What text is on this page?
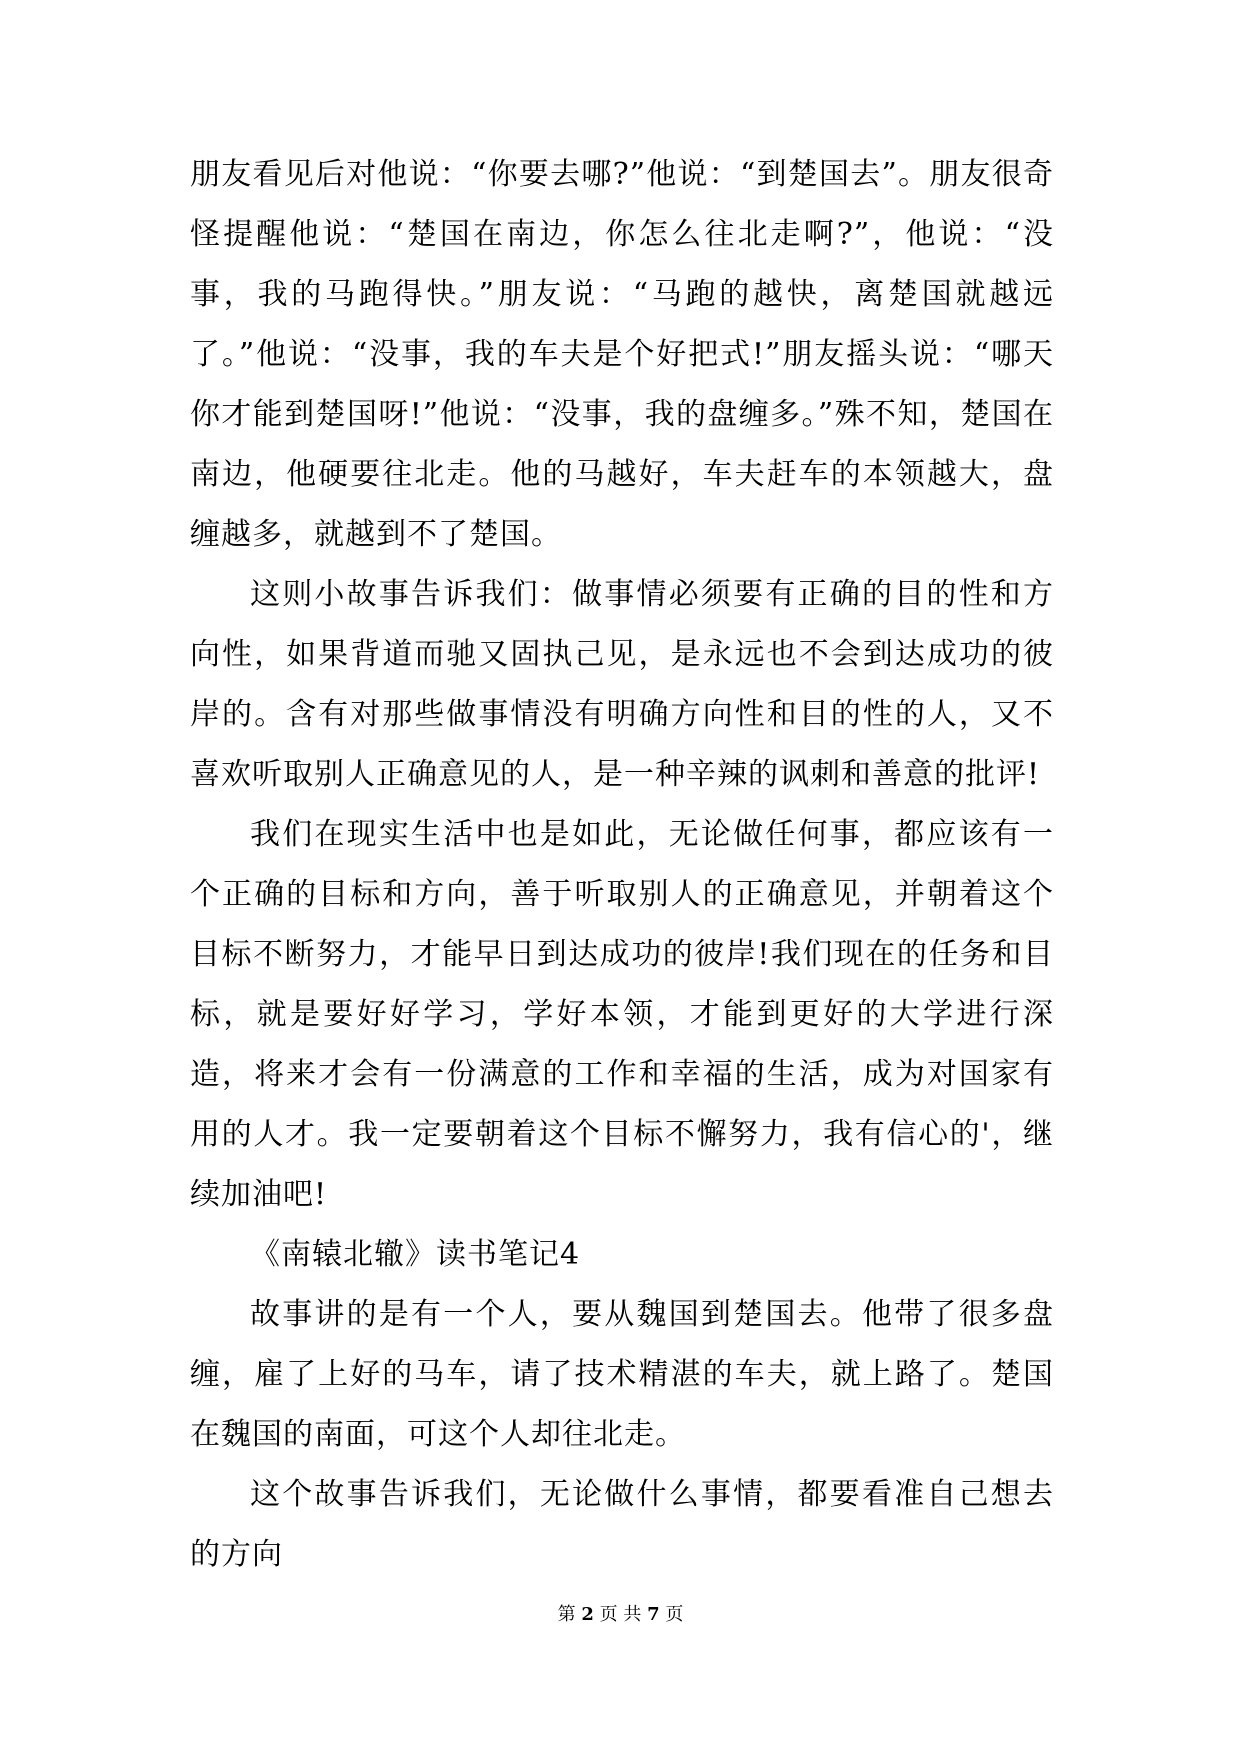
朋友看见后对他说：“你要去哪?”他说：“到楚国去”。朋友很奇怪提醒他说：“楚国在南边，你怎么往北走啊?”，他说：“没事，我的马跑得快。”朋友说：“马跑的越快，离楚国就越远了。”他说：“没事，我的车夫是个好把式!”朋友摇头说：“哪天你才能到楚国呀!”他说：“没事，我的盘缠多。”殊不知，楚国在南边，他硬要往北走。他的马越好，车夫赶车的本领越大，盘缠越多，就越到不了楚国。

这则小故事告诉我们：做事情必须要有正确的目的性和方向性，如果背道而驰又固执己见，是永远也不会到达成功的彼岸的。含有对那些做事情没有明确方向性和目的性的人，又不喜欢听取别人正确意见的人，是一种辛辣的讽刺和善意的批评!

我们在现实生活中也是如此，无论做任何事，都应该有一个正确的目标和方向，善于听取别人的正确意见，并朝着这个目标不断努力，才能早日到达成功的彼岸!我们现在的任务和目标，就是要好好学习，学好本领，才能到更好的大学进行深造，将来才会有一份满意的工作和幸福的生活，成为对国家有用的人才。我一定要朝着这个目标不懈努力，我有信心的'，继续加油吧!

《南辕北辙》读书笔记4

故事讲的是有一个人，要从魏国到楚国去。他带了很多盘缠，雇了上好的马车，请了技术精湛的车夫，就上路了。楚国在魏国的南面，可这个人却往北走。

这个故事告诉我们，无论做什么事情，都要看准自己想去的方向

第 2 页 共 7 页
